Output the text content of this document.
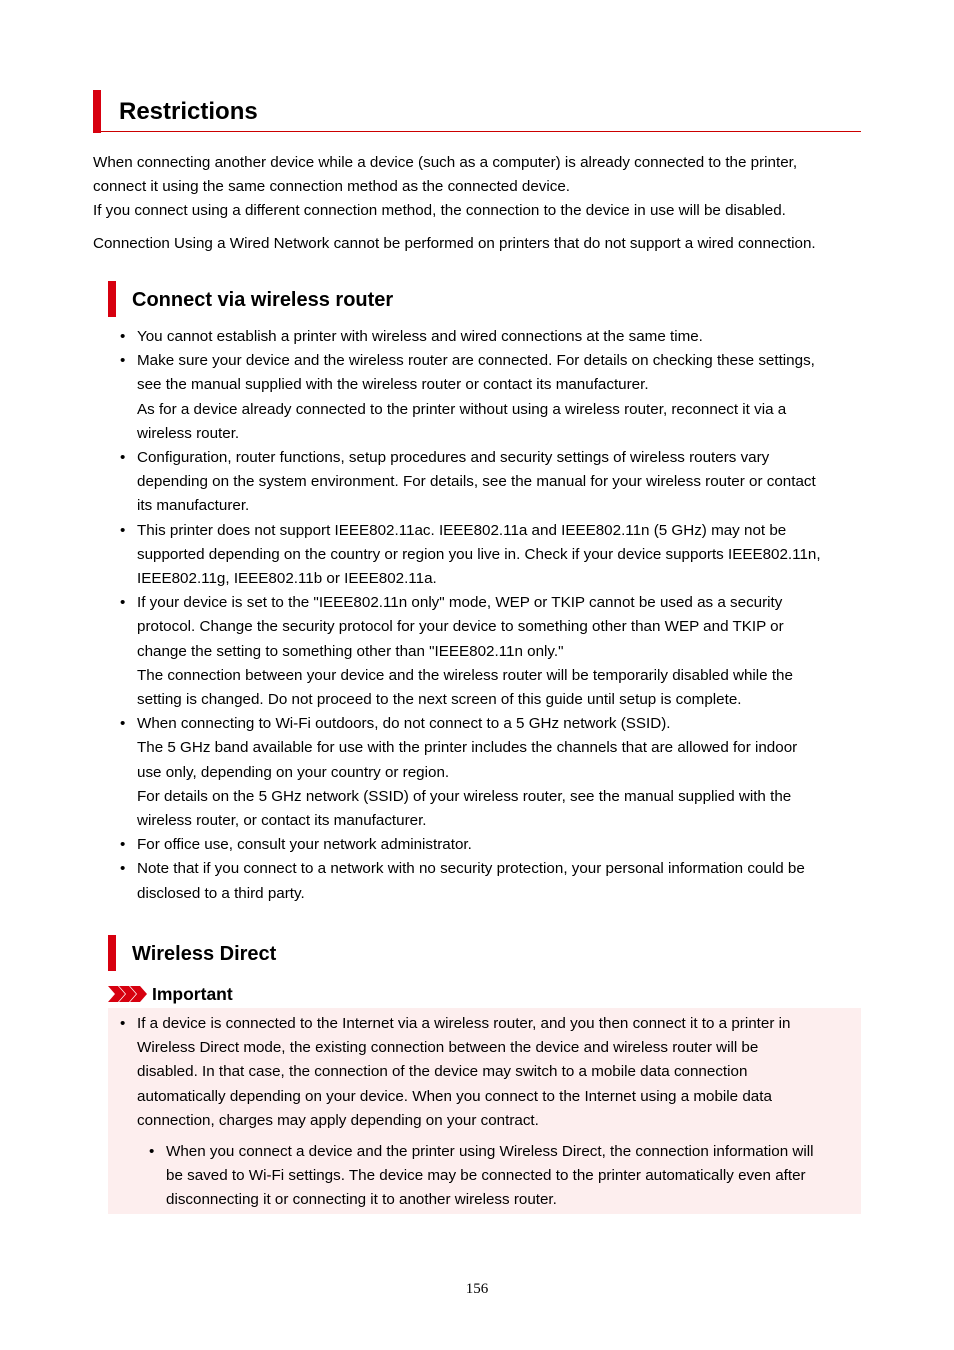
Restrictions

When connecting another device while a device (such as a computer) is already connected to the printer,
connect it using the same connection method as the connected device.
If you connect using a different connection method, the connection to the device in use will be disabled.

Connection Using a Wired Network cannot be performed on printers that do not support a wired connection.

Connect via wireless router
• You cannot establish a printer with wireless and wired connections at the same time.
• Make sure your device and the wireless router are connected. For details on checking these settings,
see the manual supplied with the wireless router or contact its manufacturer.
As for a device already connected to the printer without using a wireless router, reconnect it via a
wireless router.
• Configuration, router functions, setup procedures and security settings of wireless routers vary
depending on the system environment. For details, see the manual for your wireless router or contact
its manufacturer.
• This printer does not support IEEE802.11ac. IEEE802.11a and IEEE802.11n (5 GHz) may not be
supported depending on the country or region you live in. Check if your device supports IEEE802.11n,
IEEE802.11g, IEEE802.11b or IEEE802.11a.
• If your device is set to the "IEEE802.11n only" mode, WEP or TKIP cannot be used as a security
protocol. Change the security protocol for your device to something other than WEP and TKIP or
change the setting to something other than "IEEE802.11n only."
The connection between your device and the wireless router will be temporarily disabled while the
setting is changed. Do not proceed to the next screen of this guide until setup is complete.
• When connecting to Wi-Fi outdoors, do not connect to a 5 GHz network (SSID).
The 5 GHz band available for use with the printer includes the channels that are allowed for indoor
use only, depending on your country or region.
For details on the 5 GHz network (SSID) of your wireless router, see the manual supplied with the
wireless router, or contact its manufacturer.
• For office use, consult your network administrator.
• Note that if you connect to a network with no security protection, your personal information could be
disclosed to a third party.
Wireless Direct
Important
• If a device is connected to the Internet via a wireless router, and you then connect it to a printer in
Wireless Direct mode, the existing connection between the device and wireless router will be
disabled. In that case, the connection of the device may switch to a mobile data connection
automatically depending on your device. When you connect to the Internet using a mobile data
connection, charges may apply depending on your contract.
• When you connect a device and the printer using Wireless Direct, the connection information will
be saved to Wi-Fi settings. The device may be connected to the printer automatically even after
disconnecting it or connecting it to another wireless router.
156
